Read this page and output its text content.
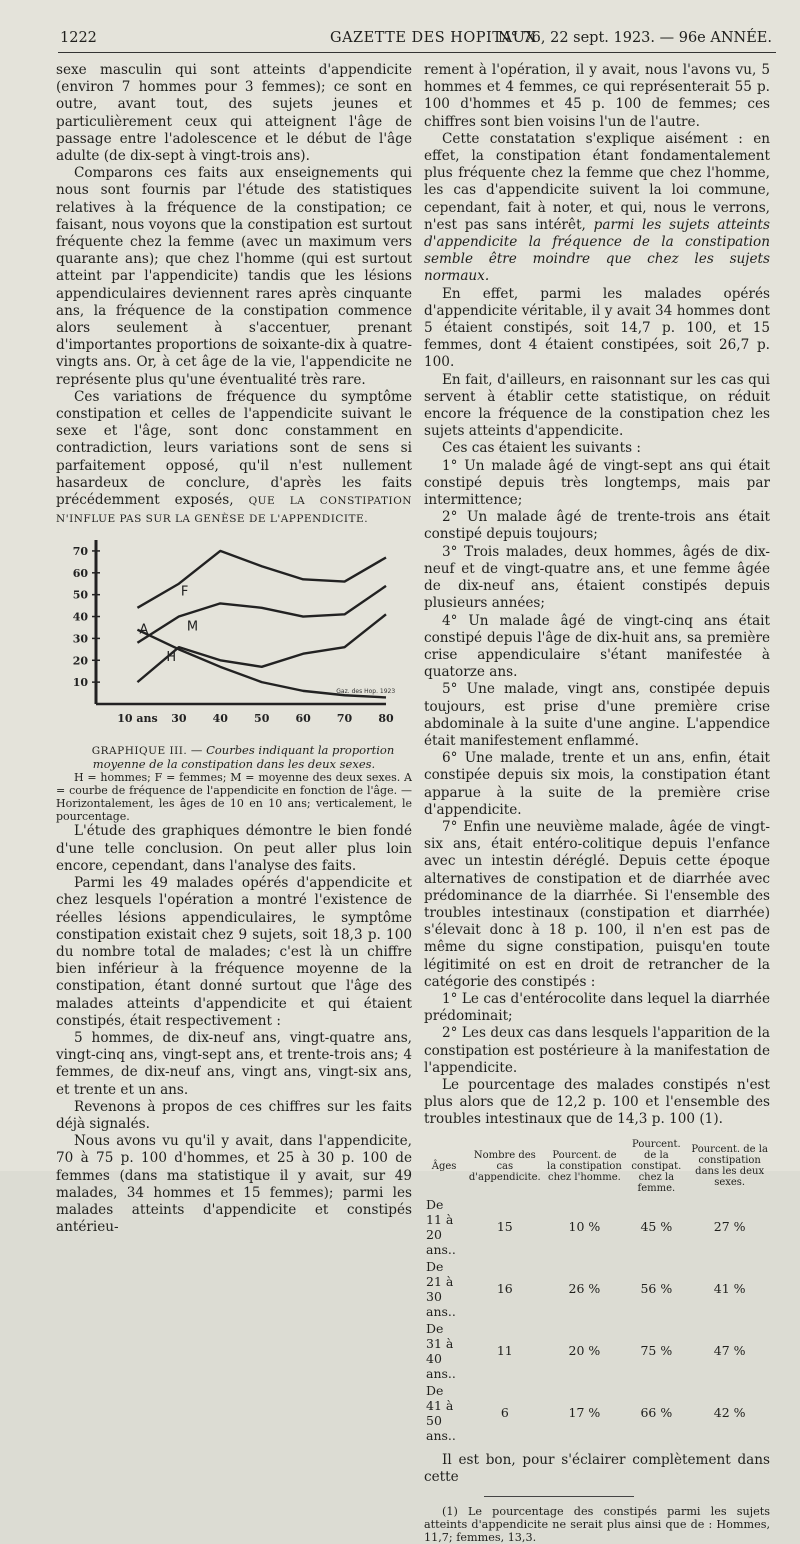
1222	GAZETTE DES HOPITAUX
N° 76, 22 sept. 1923. — 96e ANNÉE.

sexe masculin qui sont atteints d'appendicite (environ 7 hommes pour 3 femmes); ce sont en outre, avant tout, des sujets jeunes et particulièrement ceux qui atteignent l'âge de passage entre l'adolescence et le début de l'âge adulte (de dix-sept à vingt-trois ans).

Comparons ces faits aux enseignements qui nous sont fournis par l'étude des statistiques relatives à la fréquence de la constipation; ce faisant, nous voyons que la constipation est surtout fréquente chez la femme (avec un maximum vers quarante ans); que chez l'homme (qui est surtout atteint par l'appendicite) tandis que les lésions appendiculaires deviennent rares après cinquante ans, la fréquence de la constipation commence alors seulement à s'accentuer, prenant d'importantes proportions de soixante-dix à quatre-vingts ans. Or, à cet âge de la vie, l'appendicite ne représente plus qu'une éventualité très rare.

Ces variations de fréquence du symptôme constipation et celles de l'appendicite suivant le sexe et l'âge, sont donc constamment en contradiction, leurs variations sont de sens si parfaitement opposé, qu'il n'est nullement hasardeux de conclure, d'après les faits précédemment exposés, QUE LA CONSTIPATION N'INFLUE PAS SUR LA GENÈSE DE L'APPENDICITE.

70
60
50
40
30
20
10
10 ans 30 40 50 60 70 80
F
M
H
A
Gaz. des Hop. 1923

GRAPHIQUE III. — Courbes indiquant la proportion moyenne de la constipation dans les deux sexes.

H = hommes; F = femmes; M = moyenne des deux sexes. A = courbe de fréquence de l'appendicite en fonction de l'âge. — Horizontalement, les âges de 10 en 10 ans; verticalement, le pourcentage.

L'étude des graphiques démontre le bien fondé d'une telle conclusion. On peut aller plus loin encore, cependant, dans l'analyse des faits.

Parmi les 49 malades opérés d'appendicite et chez lesquels l'opération a montré l'existence de réelles lésions appendiculaires, le symptôme constipation existait chez 9 sujets, soit 18,3 p. 100 du nombre total de malades; c'est là un chiffre bien inférieur à la fréquence moyenne de la constipation, étant donné surtout que l'âge des malades atteints d'appendicite et qui étaient constipés, était respectivement :

5 hommes, de dix-neuf ans, vingt-quatre ans, vingt-cinq ans, vingt-sept ans, et trente-trois ans; 4 femmes, de dix-neuf ans, vingt ans, vingt-six ans, et trente et un ans.

Revenons à propos de ces chiffres sur les faits déjà signalés.

Nous avons vu qu'il y avait, dans l'appendicite, 70 à 75 p. 100 d'hommes, et 25 à 30 p. 100 de femmes (dans ma statistique il y avait, sur 49 malades, 34 hommes et 15 femmes); parmi les malades atteints d'appendicite et constipés antérieu-

rement à l'opération, il y avait, nous l'avons vu, 5 hommes et 4 femmes, ce qui représenterait 55 p. 100 d'hommes et 45 p. 100 de femmes; ces chiffres sont bien voisins l'un de l'autre.

Cette constatation s'explique aisément : en effet, la constipation étant fondamentalement plus fréquente chez la femme que chez l'homme, les cas d'appendicite suivent la loi commune, cependant, fait à noter, et qui, nous le verrons, n'est pas sans intérêt, parmi les sujets atteints d'appendicite la fréquence de la constipation semble être moindre que chez les sujets normaux.

En effet, parmi les malades opérés d'appendicite véritable, il y avait 34 hommes dont 5 étaient constipés, soit 14,7 p. 100, et 15 femmes, dont 4 étaient constipées, soit 26,7 p. 100.

En fait, d'ailleurs, en raisonnant sur les cas qui servent à établir cette statistique, on réduit encore la fréquence de la constipation chez les sujets atteints d'appendicite.

Ces cas étaient les suivants :

1° Un malade âgé de vingt-sept ans qui était constipé depuis très longtemps, mais par intermittence;

2° Un malade âgé de trente-trois ans était constipé depuis toujours;

3° Trois malades, deux hommes, âgés de dix-neuf et de vingt-quatre ans, et une femme âgée de dix-neuf ans, étaient constipés depuis plusieurs années;

4° Un malade âgé de vingt-cinq ans était constipé depuis l'âge de dix-huit ans, sa première crise appendiculaire s'étant manifestée à quatorze ans.

5° Une malade, vingt ans, constipée depuis toujours, est prise d'une première crise abdominale à la suite d'une angine. L'appendice était manifestement enflammé.

6° Une malade, trente et un ans, enfin, était constipée depuis six mois, la constipation étant apparue à la suite de la première crise d'appendicite.

7° Enfin une neuvième malade, âgée de vingt-six ans, était entéro-colitique depuis l'enfance avec un intestin déréglé. Depuis cette époque alternatives de constipation et de diarrhée avec prédominance de la diarrhée. Si l'ensemble des troubles intestinaux (constipation et diarrhée) s'élevait donc à 18 p. 100, il n'en est pas de même du signe constipation, puisqu'en toute légitimité on est en droit de retrancher de la catégorie des constipés :

1° Le cas d'entérocolite dans lequel la diarrhée prédominait;

2° Les deux cas dans lesquels l'apparition de la constipation est postérieure à la manifestation de l'appendicite.

Le pourcentage des malades constipés n'est plus alors que de 12,2 p. 100 et l'ensemble des troubles intestinaux que de 14,3 p. 100 (1).

Âges	Nombre des cas d'appendicite.	Pourcent. de la constipation chez l'homme.	Pourcent. de la constipat. chez la femme.	Pourcent. de la constipation dans les deux sexes.
De 11 à 20 ans..	15	10 %	45 %	27 %
De 21 à 30 ans..	16	26 %	56 %	41 %
De 31 à 40 ans..	11	20 %	75 %	47 %
De 41 à 50 ans..	6	17 %	66 %	42 %

Il est bon, pour s'éclairer complètement dans cette

(1) Le pourcentage des constipés parmi les sujets atteints d'appendicite ne serait plus ainsi que de : Hommes, 11,7; femmes, 13,3.
